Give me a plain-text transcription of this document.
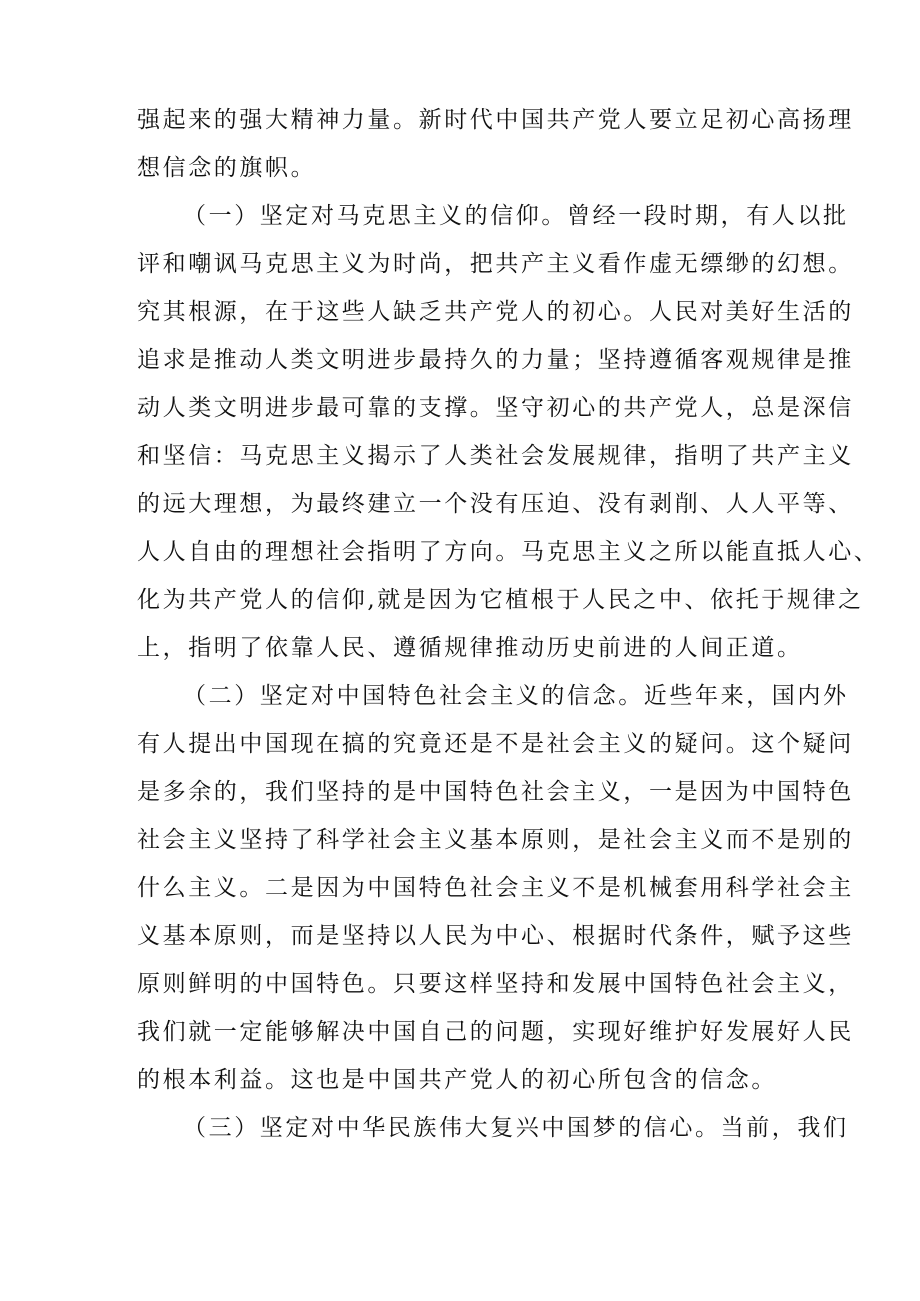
强起来的强大精神力量。新时代中国共产党人要立足初心高扬理
想信念的旗帜。
（一）坚定对马克思主义的信仰。曾经一段时期，有人以批
评和嘲讽马克思主义为时尚，把共产主义看作虚无缥缈的幻想。
究其根源，在于这些人缺乏共产党人的初心。人民对美好生活的
追求是推动人类文明进步最持久的力量；坚持遵循客观规律是推
动人类文明进步最可靠的支撑。坚守初心的共产党人，总是深信
和坚信：马克思主义揭示了人类社会发展规律，指明了共产主义
的远大理想，为最终建立一个没有压迫、没有剥削、人人平等、
人人自由的理想社会指明了方向。马克思主义之所以能直抵人心、
化为共产党人的信仰,就是因为它植根于人民之中、依托于规律之
上，指明了依靠人民、遵循规律推动历史前进的人间正道。
（二）坚定对中国特色社会主义的信念。近些年来，国内外
有人提出中国现在搞的究竟还是不是社会主义的疑问。这个疑问
是多余的，我们坚持的是中国特色社会主义，一是因为中国特色
社会主义坚持了科学社会主义基本原则，是社会主义而不是别的
什么主义。二是因为中国特色社会主义不是机械套用科学社会主
义基本原则，而是坚持以人民为中心、根据时代条件，赋予这些
原则鲜明的中国特色。只要这样坚持和发展中国特色社会主义，
我们就一定能够解决中国自己的问题，实现好维护好发展好人民
的根本利益。这也是中国共产党人的初心所包含的信念。
（三）坚定对中华民族伟大复兴中国梦的信心。当前，我们
